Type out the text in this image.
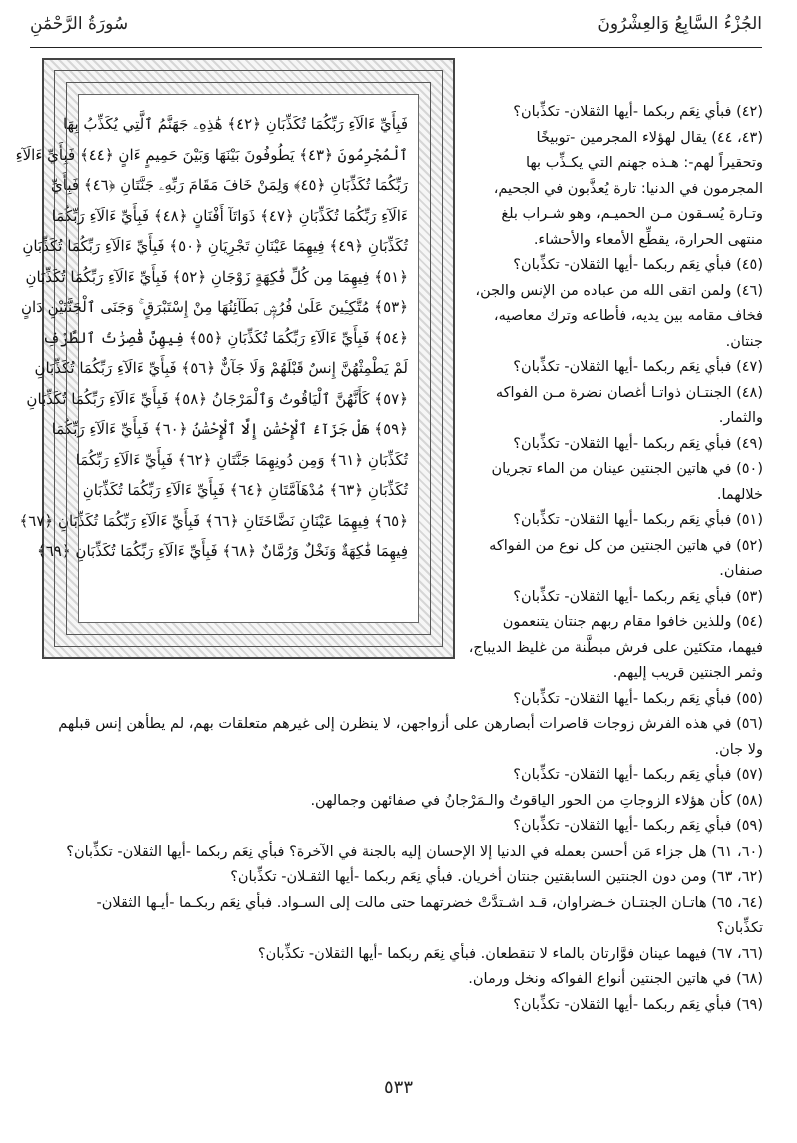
الجُزْءُ السَّابِعُ وَالعِشْرُونَ
سُورَةُ الرَّحْمَٰنِ

فَبِأَيِّ ءَالَآءِ رَبِّكُمَا تُكَذِّبَانِ ﴿٤٢﴾ هَٰذِهِۦ جَهَنَّمُ ٱلَّتِي يُكَذِّبُ بِهَا

ٱلْمُجْرِمُونَ ﴿٤٣﴾ يَطُوفُونَ بَيْنَهَا وَبَيْنَ حَمِيمٍ ءَانٍ ﴿٤٤﴾ فَبِأَيِّ ءَالَآءِ

رَبِّكُمَا تُكَذِّبَانِ ﴿٤٥﴾ وَلِمَنْ خَافَ مَقَامَ رَبِّهِۦ جَنَّتَانِ ﴿٤٦﴾ فَبِأَيِّ

ءَالَآءِ رَبِّكُمَا تُكَذِّبَانِ ﴿٤٧﴾ ذَوَاتَآ أَفْنَانٍ ﴿٤٨﴾ فَبِأَيِّ ءَالَآءِ رَبِّكُمَا

تُكَذِّبَانِ ﴿٤٩﴾ فِيهِمَا عَيْنَانِ تَجْرِيَانِ ﴿٥٠﴾ فَبِأَيِّ ءَالَآءِ رَبِّكُمَا تُكَذِّبَانِ

﴿٥١﴾ فِيهِمَا مِن كُلِّ فَٰكِهَةٍ زَوْجَانِ ﴿٥٢﴾ فَبِأَيِّ ءَالَآءِ رَبِّكُمَا تُكَذِّبَانِ

﴿٥٣﴾ مُتَّكِـِٔينَ عَلَىٰ فُرُشٍۭ بَطَآئِنُهَا مِنْ إِسْتَبْرَقٍ ۚ وَجَنَى ٱلْجَنَّتَيْنِ دَانٍ

﴿٥٤﴾ فَبِأَيِّ ءَالَآءِ رَبِّكُمَا تُكَذِّبَانِ ﴿٥٥﴾ فِيهِنَّ قَٰصِرَٰتُ ٱلطَّرْفِ

لَمْ يَطْمِثْهُنَّ إِنسٌ قَبْلَهُمْ وَلَا جَآنٌّ ﴿٥٦﴾ فَبِأَيِّ ءَالَآءِ رَبِّكُمَا تُكَذِّبَانِ

﴿٥٧﴾ كَأَنَّهُنَّ ٱلْيَاقُوتُ وَٱلْمَرْجَانُ ﴿٥٨﴾ فَبِأَيِّ ءَالَآءِ رَبِّكُمَا تُكَذِّبَانِ

﴿٥٩﴾ هَلْ جَزَآءُ ٱلْإِحْسَٰنِ إِلَّا ٱلْإِحْسَٰنُ ﴿٦٠﴾ فَبِأَيِّ ءَالَآءِ رَبِّكُمَا

تُكَذِّبَانِ ﴿٦١﴾ وَمِن دُونِهِمَا جَنَّتَانِ ﴿٦٢﴾ فَبِأَيِّ ءَالَآءِ رَبِّكُمَا

تُكَذِّبَانِ ﴿٦٣﴾ مُدْهَآمَّتَانِ ﴿٦٤﴾ فَبِأَيِّ ءَالَآءِ رَبِّكُمَا تُكَذِّبَانِ

﴿٦٥﴾ فِيهِمَا عَيْنَانِ نَضَّاخَتَانِ ﴿٦٦﴾ فَبِأَيِّ ءَالَآءِ رَبِّكُمَا تُكَذِّبَانِ ﴿٦٧﴾

فِيهِمَا فَٰكِهَةٌ وَنَخْلٌ وَرُمَّانٌ ﴿٦٨﴾ فَبِأَيِّ ءَالَآءِ رَبِّكُمَا تُكَذِّبَانِ ﴿٦٩﴾

(٤٢) فبأي نِعَم ربكما -أيها الثقلان- تكذِّبان؟
(٤٣، ٤٤) يقال لهؤلاء المجرمين -توبيخًا
وتحقيراً لهم-: هـذه جهنم التي يكـذِّب بها
المجرمون في الدنيا: تارة يُعذَّبون في الجحيم،
وتـارة يُسـقون مـن الحميـم، وهو شـراب بلغ
منتهى الحرارة، يقطِّع الأمعاء والأحشاء.
(٤٥) فبأي نِعَم ربكما -أيها الثقلان- تكذِّبان؟
(٤٦) ولمن اتقى الله من عباده من الإنس والجن،
فخاف مقامه بين يديه، فأطاعه وترك معاصيه،
جنتان.
(٤٧) فبأي نِعَم ربكما -أيها الثقلان- تكذِّبان؟
(٤٨) الجنتـان ذواتـا أغصان نضرة مـن الفواكه
والثمار.
(٤٩) فبأي نِعَم ربكما -أيها الثقلان- تكذِّبان؟
(٥٠) في هاتين الجنتين عينان من الماء تجريان
خلالهما.
(٥١) فبأي نِعَم ربكما -أيها الثقلان- تكذِّبان؟
(٥٢) في هاتين الجنتين من كل نوع من الفواكه
صنفان.
(٥٣) فبأي نِعَم ربكما -أيها الثقلان- تكذِّبان؟
(٥٤) وللذين خافوا مقام ربهم جنتان يتنعمون
فيهما، متكئين على فرش مبطَّنة من غليظ الديباج،
وثمر الجنتين قريب إليهم.
(٥٥) فبأي نِعَم ربكما -أيها الثقلان- تكذِّبان؟
(٥٦) في هذه الفرش زوجات قاصرات أبصارهن على أزواجهن، لا ينظرن إلى غيرهم متعلقات بهم، لم يطأهن إنس قبلهم
ولا جان.
(٥٧) فبأي نِعَم ربكما -أيها الثقلان- تكذِّبان؟
(٥٨) كأن هؤلاء الزوجاتِ من الحور الياقوتُ والـمَرْجانُ في صفائهن وجمالهن.
(٥٩) فبأي نِعَم ربكما -أيها الثقلان- تكذِّبان؟
(٦٠، ٦١) هل جزاء مَن أحسن بعمله في الدنيا إلا الإحسان إليه بالجنة في الآخرة؟ فبأي نِعَم ربكما -أيها الثقلان- تكذِّبان؟
(٦٢، ٦٣) ومن دون الجنتين السابقتين جنتان أخريان. فبأي نِعَم ربكما -أيها الثقـلان- تكذِّبان؟
(٦٤، ٦٥) هاتـان الجنتـان خـضراوان، قـد اشـتدَّتْ خضرتهما حتى مالت إلى السـواد. فبأي نِعَم ربكـما -أيـها الثقلان-
تكذِّبان؟
(٦٦، ٦٧) فيهما عينان فوَّارتان بالماء لا تنقطعان. فبأي نِعَم ربكما -أيها الثقلان- تكذِّبان؟
(٦٨) في هاتين الجنتين أنواع الفواكه ونخل ورمان.
(٦٩) فبأي نِعَم ربكما -أيها الثقلان- تكذِّبان؟
٥٣٣
